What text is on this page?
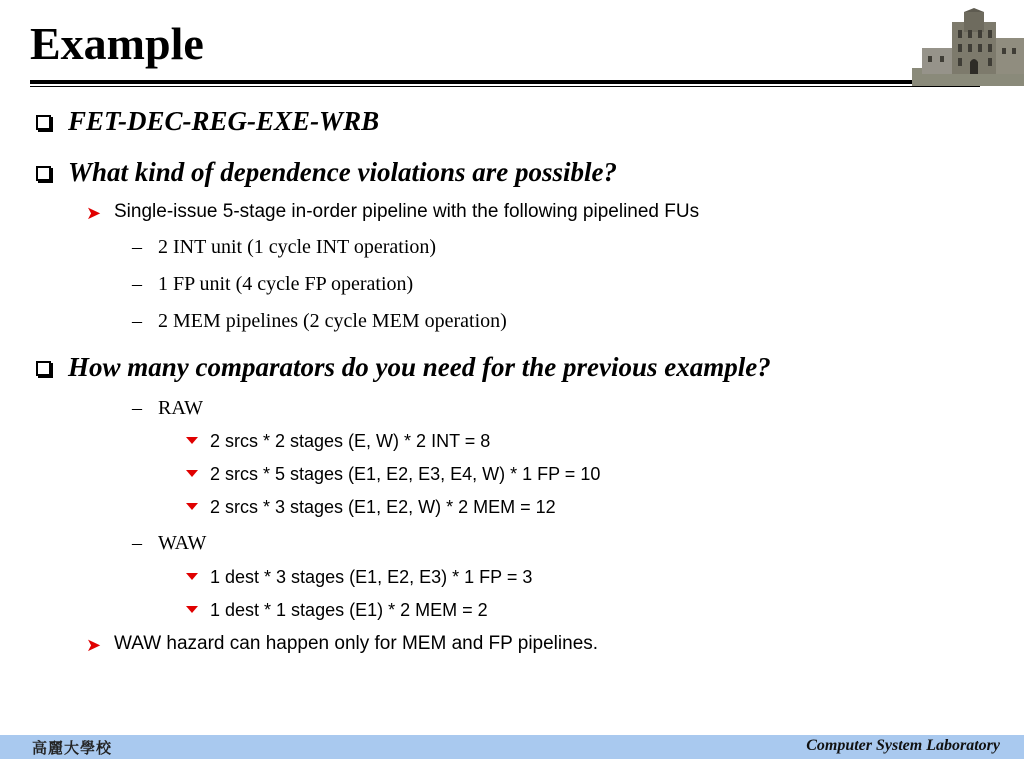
Example
FET-DEC-REG-EXE-WRB
What kind of dependence violations are possible?
➤ Single-issue 5-stage in-order pipeline with the following pipelined FUs
– 2 INT unit (1 cycle INT operation)
– 1 FP unit (4 cycle FP operation)
– 2 MEM pipelines (2 cycle MEM operation)
How many comparators do you need for the previous example?
– RAW
2 srcs * 2 stages (E, W) * 2 INT = 8
2 srcs * 5 stages (E1, E2, E3, E4, W) * 1 FP = 10
2 srcs * 3 stages (E1, E2, W) * 2 MEM = 12
– WAW
1 dest * 3 stages (E1, E2, E3) * 1 FP = 3
1 dest * 1 stages (E1) * 2 MEM = 2
➤ WAW hazard can happen only for MEM and FP pipelines.
高麗大學校	Computer System Laboratory
